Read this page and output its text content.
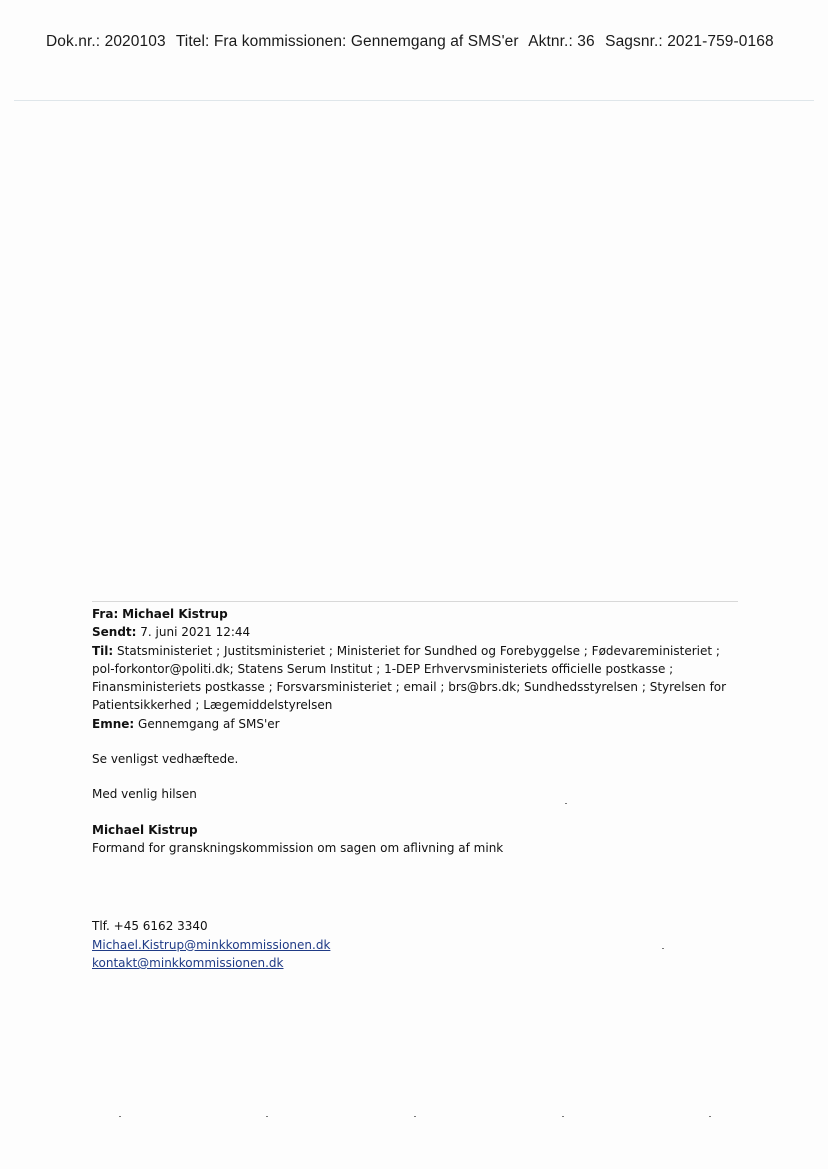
Dok.nr.: 2020103 Titel: Fra kommissionen: Gennemgang af SMS'er Aktnr.: 36 Sagsnr.: 2021-759-0168
Fra: Michael Kistrup
Sendt: 7. juni 2021 12:44
Til: Statsministeriet ; Justitsministeriet ; Ministeriet for Sundhed og Forebyggelse ; Fødevareministeriet ;
pol-forkontor@politi.dk; Statens Serum Institut ; 1-DEP Erhvervsministeriets officielle postkasse ;
Finansministeriets postkasse ; Forsvarsministeriet ; email ; brs@brs.dk; Sundhedsstyrelsen ; Styrelsen for
Patientsikkerhed ; Lægemiddelstyrelsen
Emne: Gennemgang af SMS'er
Se venligst vedhæftede.
Med venlig hilsen
Michael Kistrup
Formand for granskningskommission om sagen om aflivning af mink
Tlf. +45 6162 3340
Michael.Kistrup@minkkommissionen.dk
kontakt@minkkommissionen.dk
